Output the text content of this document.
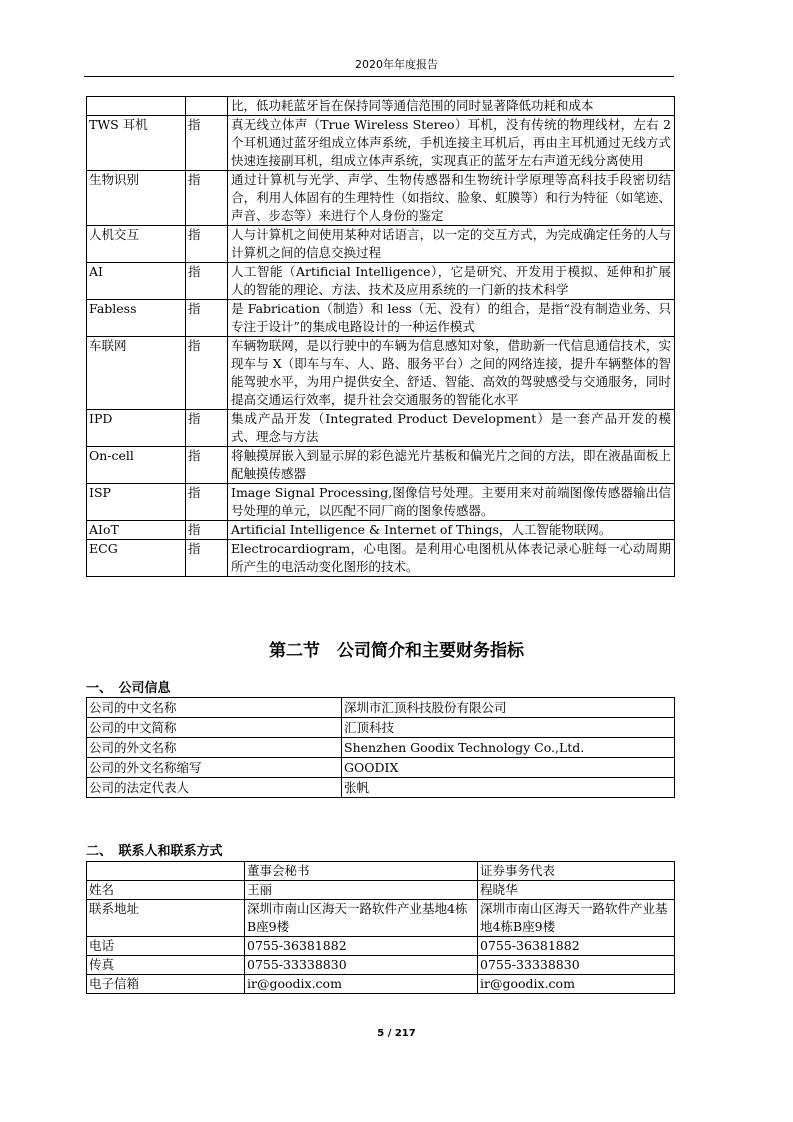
2020年年度报告
		比，低功耗蓝牙旨在保持同等通信范围的同时显著降低功耗和成本
TWS 耳机	指	真无线立体声（True Wireless Stereo）耳机，没有传统的物理线材，左右 2 个耳机通过蓝牙组成立体声系统，手机连接主耳机后，再由主耳机通过无线方式快速连接副耳机，组成立体声系统，实现真正的蓝牙左右声道无线分离使用
生物识别	指	通过计算机与光学、声学、生物传感器和生物统计学原理等高科技手段密切结合，利用人体固有的生理特性（如指纹、脸象、虹膜等）和行为特征（如笔迹、声音、步态等）来进行个人身份的鉴定
人机交互	指	人与计算机之间使用某种对话语言，以一定的交互方式，为完成确定任务的人与计算机之间的信息交换过程
AI	指	人工智能（Artificial Intelligence），它是研究、开发用于模拟、延伸和扩展人的智能的理论、方法、技术及应用系统的一门新的技术科学
Fabless	指	是 Fabrication（制造）和 less（无、没有）的组合，是指“没有制造业务、只专注于设计”的集成电路设计的一种运作模式
车联网	指	车辆物联网，是以行驶中的车辆为信息感知对象，借助新一代信息通信技术，实现车与 X（即车与车、人、路、服务平台）之间的网络连接，提升车辆整体的智能驾驶水平，为用户提供安全、舒适、智能、高效的驾驶感受与交通服务，同时提高交通运行效率，提升社会交通服务的智能化水平
IPD	指	集成产品开发（Integrated Product Development）是一套产品开发的模式、理念与方法
On-cell	指	将触摸屏嵌入到显示屏的彩色滤光片基板和偏光片之间的方法，即在液晶面板上配触摸传感器
ISP	指	Image Signal Processing,图像信号处理。主要用来对前端图像传感器输出信号处理的单元，以匹配不同厂商的图象传感器。
AIoT	指	Artificial Intelligence & Internet of Things，人工智能物联网。
ECG	指	Electrocardiogram，心电图。是利用心电图机从体表记录心脏每一心动周期所产生的电活动变化图形的技术。
第二节　公司简介和主要财务指标
一、　公司信息
公司的中文名称	深圳市汇顶科技股份有限公司
公司的中文简称	汇顶科技
公司的外文名称	Shenzhen Goodix Technology Co.,Ltd.
公司的外文名称缩写	GOODIX
公司的法定代表人	张帆
二、　联系人和联系方式
	董事会秘书	证券事务代表
姓名	王丽	程晓华
联系地址	深圳市南山区海天一路软件产业基地4栋B座9楼	深圳市南山区海天一路软件产业基地4栋B座9楼
电话	0755-36381882	0755-36381882
传真	0755-33338830	0755-33338830
电子信箱	ir@goodix.com	ir@goodix.com
5 / 217
